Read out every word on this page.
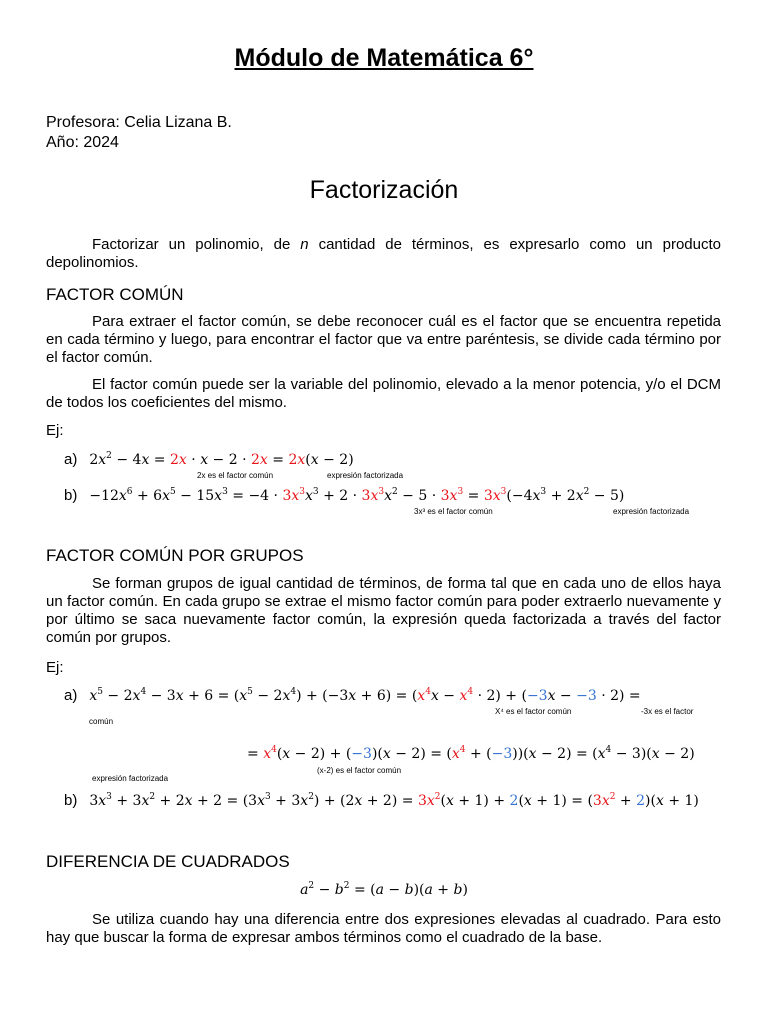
Módulo de Matemática 6°
Profesora: Celia Lizana B.
Año: 2024
Factorización
Factorizar un polinomio, de n cantidad de términos, es expresarlo como un producto depolinomios.
FACTOR COMÚN
Para extraer el factor común, se debe reconocer cuál es el factor que se encuentra repetida en cada término y luego, para encontrar el factor que va entre paréntesis, se divide cada término por el factor común.
El factor común puede ser la variable del polinomio, elevado a la menor potencia, y/o el DCM de todos los coeficientes del mismo.
Ej:
a) $2x^2 - 4x = 2x \cdot x - 2 \cdot 2x = 2x(x - 2)$
2x es el factor común	expresión factorizada
$b) -12x^6 + 6x^5 - 15x^3 = -4 \cdot 3x^3x^3 + 2 \cdot 3x^3x^2 - 5 \cdot 3x^3 = 3x^3(-4x^3 + 2x^2 - 5)$
3x³ es el factor común	expresión factorizada
FACTOR COMÚN POR GRUPOS
Se forman grupos de igual cantidad de términos, de forma tal que en cada uno de ellos haya un factor común. En cada grupo se extrae el mismo factor común para poder extraerlo nuevamente y por último se saca nuevamente factor común, la expresión queda factorizada a través del factor común por grupos.
Ej:
a) $x^5 - 2x^4 - 3x + 6 = (x^5 - 2x^4) + (-3x + 6) = (x^4x - x^4 \cdot 2) + (-3x - -3 \cdot 2)$ =
X⁴ es el factor común	-3x es el factor
común
= $x^4(x - 2) + (-3)(x - 2) = (x^4 + (-3))(x - 2) = (x^4 - 3)(x - 2)$
(x-2) es el factor común
expresión factorizada
b) $3x^3 + 3x^2 + 2x + 2 = (3x^3 + 3x^2) + (2x + 2) = 3x^2(x + 1) + 2(x + 1) = (3x^2 + 2)(x + 1)$
DIFERENCIA DE CUADRADOS
$a^2 - b^2 = (a - b)(a + b)$
Se utiliza cuando hay una diferencia entre dos expresiones elevadas al cuadrado. Para esto hay que buscar la forma de expresar ambos términos como el cuadrado de la base.
